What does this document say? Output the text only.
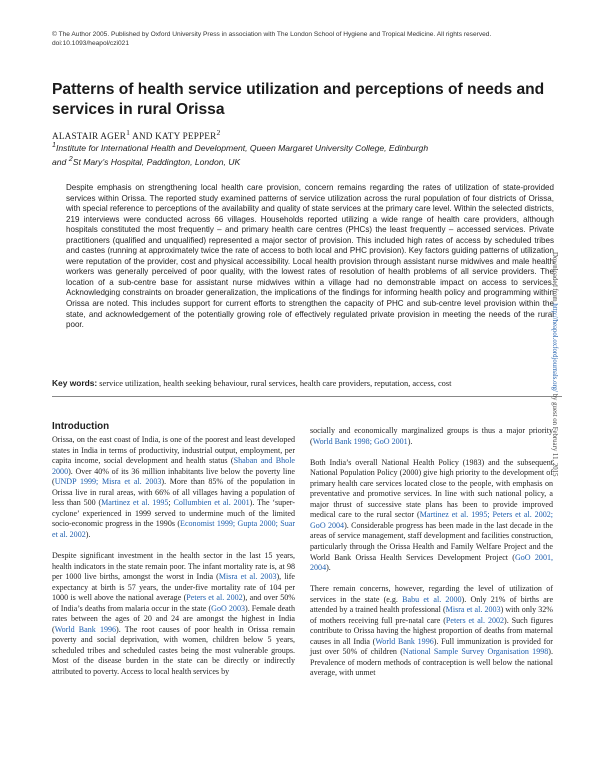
© The Author 2005. Published by Oxford University Press in association with The London School of Hygiene and Tropical Medicine. All rights reserved.
doi:10.1093/heapol/czi021
Patterns of health service utilization and perceptions of needs and services in rural Orissa
ALASTAIR AGER$^1$ AND KATY PEPPER$^2$
$^1$Institute for International Health and Development, Queen Margaret University College, Edinburgh
and $^2$St Mary’s Hospital, Paddington, London, UK

Despite emphasis on strengthening local health care provision, concern remains regarding the rates of utilization of state-provided services within Orissa. The reported study examined patterns of service utilization across the rural population of four districts of Orissa, with special reference to perceptions of the availability and quality of state services at the primary care level. Within the selected districts, 219 interviews were conducted across 66 villages. Households reported utilizing a wide range of health care providers, although hospitals constituted the most frequently – and primary health care centres (PHCs) the least frequently – accessed services. Private practitioners (qualified and unqualified) represented a major sector of provision. This included high rates of access by scheduled tribes and castes (running at approximately twice the rate of access to both local and PHC provision). Key factors guiding patterns of utilization were reputation of the provider, cost and physical accessibility. Local health provision through assistant nurse midwives and male health workers was generally perceived of poor quality, with the lowest rates of resolution of health problems of all service providers. The location of a sub-centre base for assistant nurse midwives within a village had no demonstrable impact on access to services. Acknowledging constraints on broader generalization, the implications of the findings for informing health policy and programming within Orissa are noted. This includes support for current efforts to strengthen the capacity of PHC and sub-centre level provision within the state, and acknowledgement of the potentially growing role of effectively regulated private provision in meeting the needs of the rural poor.

Key words: service utilization, health seeking behaviour, rural services, health care providers, reputation, access, cost
Introduction

Orissa, on the east coast of India, is one of the poorest and least developed states in India in terms of productivity, industrial output, employment, per capita income, social development and health status (Shaban and Bhole 2000). Over 40% of its 36 million inhabitants live below the poverty line (UNDP 1999; Misra et al. 2003). More than 85% of the population in Orissa live in rural areas, with 66% of all villages having a population of less than 500 (Martinez et al. 1995; Collumbien et al. 2001). The ‘super-cyclone’ experienced in 1999 served to undermine much of the limited socio-economic progress in the 1990s (Economist 1999; Gupta 2000; Suar et al. 2002).

Despite significant investment in the health sector in the last 15 years, health indicators in the state remain poor. The infant mortality rate is, at 98 per 1000 live births, amongst the worst in India (Misra et al. 2003), life expectancy at birth is 57 years, the under-five mortality rate of 104 per 1000 is well above the national average (Peters et al. 2002), and over 50% of India’s deaths from malaria occur in the state (GoO 2003). Female death rates between the ages of 20 and 24 are amongst the highest in India (World Bank 1996). The root causes of poor health in Orissa remain poverty and social deprivation, with women, children below 5 years, scheduled tribes and scheduled castes being the most vulnerable groups. Most of the disease burden in the state can be directly or indirectly attributed to poverty. Access to local health services by

socially and economically marginalized groups is thus a major priority (World Bank 1998; GoO 2001).

Both India’s overall National Health Policy (1983) and the subsequent National Population Policy (2000) give high priority to the development of primary health care services located close to the people, with emphasis on preventative and promotive services. In line with such national policy, a major thrust of successive state plans has been to provide improved medical care to the rural sector (Martinez et al. 1995; Peters et al. 2002; GoO 2004). Considerable progress has been made in the last decade in the areas of service management, staff development and facilities construction, particularly through the Orissa Health and Family Welfare Project and the World Bank Orissa Health Services Development Project (GoO 2001, 2004).

There remain concerns, however, regarding the level of utilization of services in the state (e.g. Babu et al. 2000). Only 21% of births are attended by a trained health professional (Misra et al. 2003) with only 32% of mothers receiving full pre-natal care (Peters et al. 2002). Such figures contribute to Orissa having the highest proportion of deaths from maternal causes in all India (World Bank 1996). Full immunization is provided for just over 50% of children (National Sample Survey Organisation 1998). Prevalence of modern methods of contraception is well below the national average, with unmet

Downloaded from http://heapol.oxfordjournals.org/ by guest on February 11, 2015
